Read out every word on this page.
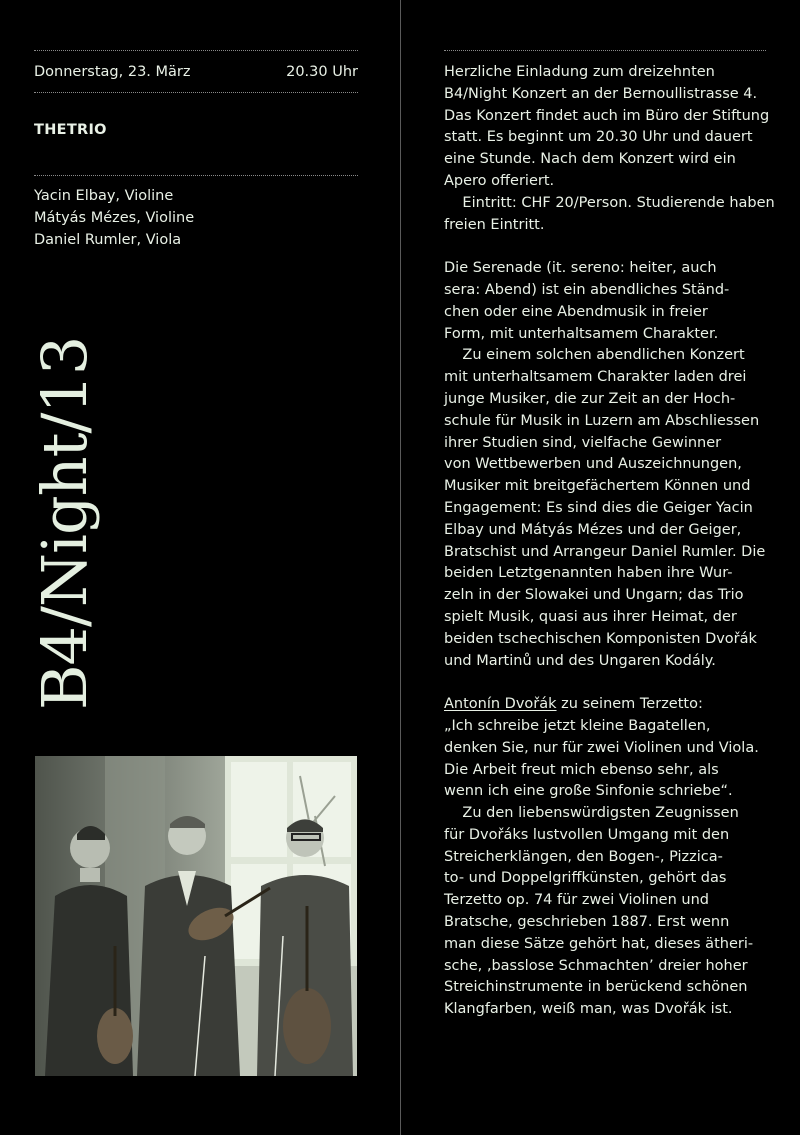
Donnerstag, 23. März	20.30 Uhr
THETRIO
Yacin Elbay, Violine
Mátyás Mézes, Violine
Daniel Rumler, Viola
B4/Night/13
Herzliche Einladung zum dreizehnten
B4/Night Konzert an der Bernoullistrasse 4.
Das Konzert findet auch im Büro der Stiftung
statt. Es beginnt um 20.30 Uhr und dauert
eine Stunde. Nach dem Konzert wird ein
Apero offeriert.
Eintritt: CHF 20/Person. Studierende haben
freien Eintritt.
Die Serenade (it. sereno: heiter, auch
sera: Abend) ist ein abendliches Ständ-
chen oder eine Abendmusik in freier
Form, mit unterhaltsamem Charakter.
Zu einem solchen abendlichen Konzert
mit unterhaltsamem Charakter laden drei
junge Musiker, die zur Zeit an der Hoch-
schule für Musik in Luzern am Abschliessen
ihrer Studien sind, vielfache Gewinner
von Wettbewerben und Auszeichnungen,
Musiker mit breitgefächertem Können und
Engagement: Es sind dies die Geiger Yacin
Elbay und Mátyás Mézes und der Geiger,
Bratschist und Arrangeur Daniel Rumler. Die
beiden Letztgenannten haben ihre Wur-
zeln in der Slowakei und Ungarn; das Trio
spielt Musik, quasi aus ihrer Heimat, der
beiden tschechischen Komponisten Dvořák
und Martinů und des Ungaren Kodály.
Antonín Dvořák zu seinem Terzetto:
„Ich schreibe jetzt kleine Bagatellen,
denken Sie, nur für zwei Violinen und Viola.
Die Arbeit freut mich ebenso sehr, als
wenn ich eine große Sinfonie schriebe“.
Zu den liebenswürdigsten Zeugnissen
für Dvořáks lustvollen Umgang mit den
Streicherklängen, den Bogen-, Pizzica-
to- und Doppelgriffkünsten, gehört das
Terzetto op. 74 für zwei Violinen und
Bratsche, geschrieben 1887. Erst wenn
man diese Sätze gehört hat, dieses ätheri-
sche, ‚basslose Schmachten’ dreier hoher
Streichinstrumente in berückend schönen
Klangfarben, weiß man, was Dvořák ist.
